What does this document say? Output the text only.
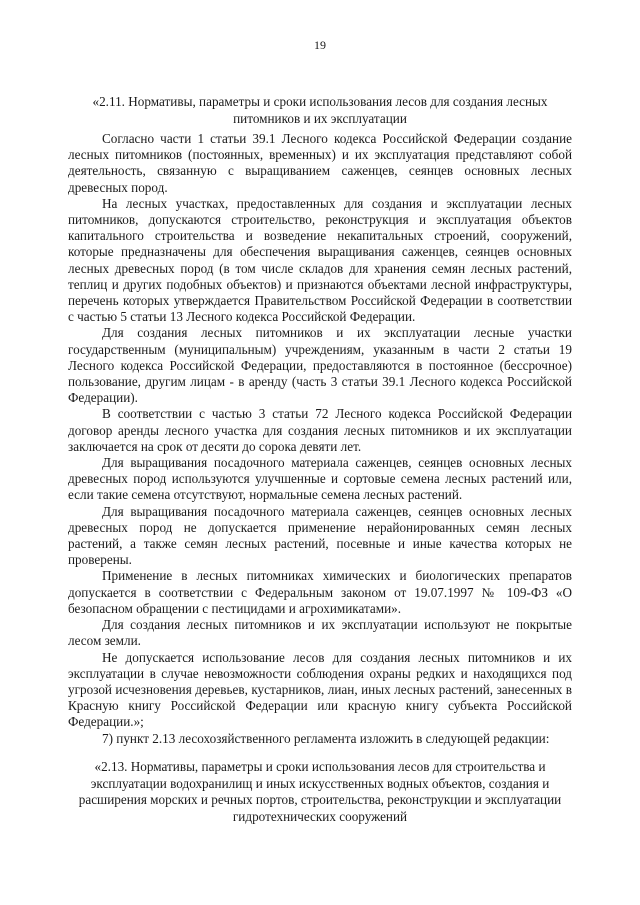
19
«2.11. Нормативы, параметры и сроки использования лесов для создания лесных питомников и их эксплуатации

Согласно части 1 статьи 39.1 Лесного кодекса Российской Федерации создание лесных питомников (постоянных, временных) и их эксплуатация представляют собой деятельность, связанную с выращиванием саженцев, сеянцев основных лесных древесных пород.

На лесных участках, предоставленных для создания и эксплуатации лесных питомников, допускаются строительство, реконструкция и эксплуатация объектов капитального строительства и возведение некапитальных строений, сооружений, которые предназначены для обеспечения выращивания саженцев, сеянцев основных лесных древесных пород (в том числе складов для хранения семян лесных растений, теплиц и других подобных объектов) и признаются объектами лесной инфраструктуры, перечень которых утверждается Правительством Российской Федерации в соответствии с частью 5 статьи 13 Лесного кодекса Российской Федерации.

Для создания лесных питомников и их эксплуатации лесные участки государственным (муниципальным) учреждениям, указанным в части 2 статьи 19 Лесного кодекса Российской Федерации, предоставляются в постоянное (бессрочное) пользование, другим лицам - в аренду (часть 3 статьи 39.1 Лесного кодекса Российской Федерации).

В соответствии с частью 3 статьи 72 Лесного кодекса Российской Федерации договор аренды лесного участка для создания лесных питомников и их эксплуатации заключается на срок от десяти до сорока девяти лет.

Для выращивания посадочного материала саженцев, сеянцев основных лесных древесных пород используются улучшенные и сортовые семена лесных растений или, если такие семена отсутствуют, нормальные семена лесных растений.

Для выращивания посадочного материала саженцев, сеянцев основных лесных древесных пород не допускается применение нерайонированных семян лесных растений, а также семян лесных растений, посевные и иные качества которых не проверены.

Применение в лесных питомниках химических и биологических препаратов допускается в соответствии с Федеральным законом от 19.07.1997 № 109-ФЗ «О безопасном обращении с пестицидами и агрохимикатами».

Для создания лесных питомников и их эксплуатации используют не покрытые лесом земли.

Не допускается использование лесов для создания лесных питомников и их эксплуатации в случае невозможности соблюдения охраны редких и находящихся под угрозой исчезновения деревьев, кустарников, лиан, иных лесных растений, занесенных в Красную книгу Российской Федерации или красную книгу субъекта Российской Федерации.»;

7) пункт 2.13 лесохозяйственного регламента изложить в следующей редакции:

«2.13. Нормативы, параметры и сроки использования лесов для строительства и эксплуатации водохранилищ и иных искусственных водных объектов, создания и расширения морских и речных портов, строительства, реконструкции и эксплуатации гидротехнических сооружений
